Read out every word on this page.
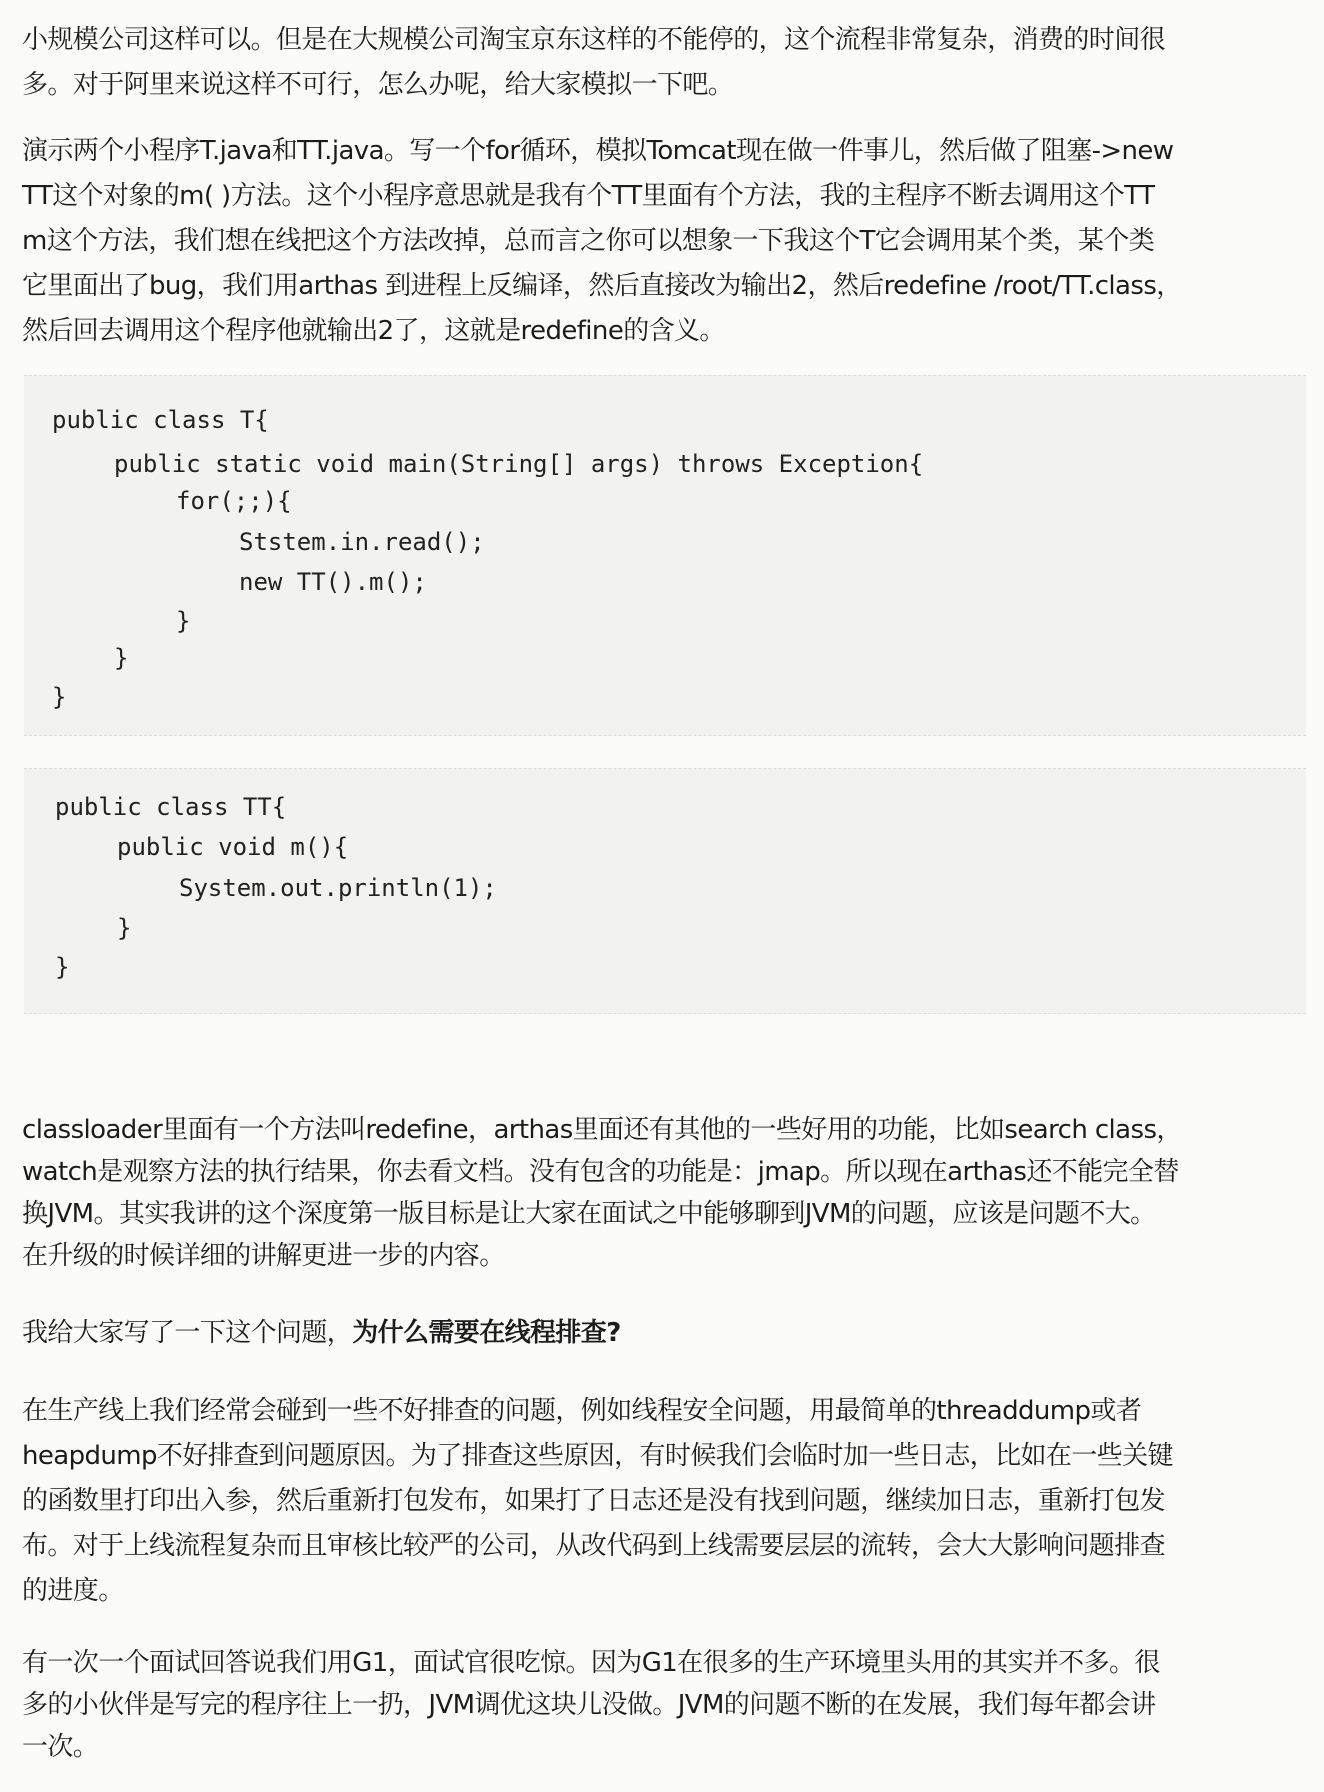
小规模公司这样可以。但是在大规模公司淘宝京东这样的不能停的，这个流程非常复杂，消费的时间很
多。对于阿里来说这样不可行，怎么办呢，给大家模拟一下吧。
演示两个小程序T.java和TT.java。写一个for循环，模拟Tomcat现在做一件事儿，然后做了阻塞->new
TT这个对象的m( )方法。这个小程序意思就是我有个TT里面有个方法，我的主程序不断去调用这个TT
m这个方法，我们想在线把这个方法改掉，总而言之你可以想象一下我这个T它会调用某个类，某个类
它里面出了bug，我们用arthas 到进程上反编译，然后直接改为输出2，然后redefine /root/TT.class，
然后回去调用这个程序他就输出2了，这就是redefine的含义。
public class T{
public static void main(String[] args) throws Exception{
for(;;){
Ststem.in.read();
new TT().m();
}
}
}
public class TT{
public void m(){
System.out.println(1);
}
}
classloader里面有一个方法叫redefine，arthas里面还有其他的一些好用的功能，比如search class，
watch是观察方法的执行结果，你去看文档。没有包含的功能是：jmap。所以现在arthas还不能完全替
换JVM。其实我讲的这个深度第一版目标是让大家在面试之中能够聊到JVM的问题，应该是问题不大。
在升级的时候详细的讲解更进一步的内容。
我给大家写了一下这个问题，为什么需要在线程排查?
在生产线上我们经常会碰到一些不好排查的问题，例如线程安全问题，用最简单的threaddump或者
heapdump不好排查到问题原因。为了排查这些原因，有时候我们会临时加一些日志，比如在一些关键
的函数里打印出入参，然后重新打包发布，如果打了日志还是没有找到问题，继续加日志，重新打包发
布。对于上线流程复杂而且审核比较严的公司，从改代码到上线需要层层的流转，会大大影响问题排查
的进度。
有一次一个面试回答说我们用G1，面试官很吃惊。因为G1在很多的生产环境里头用的其实并不多。很
多的小伙伴是写完的程序往上一扔，JVM调优这块儿没做。JVM的问题不断的在发展，我们每年都会讲
一次。
